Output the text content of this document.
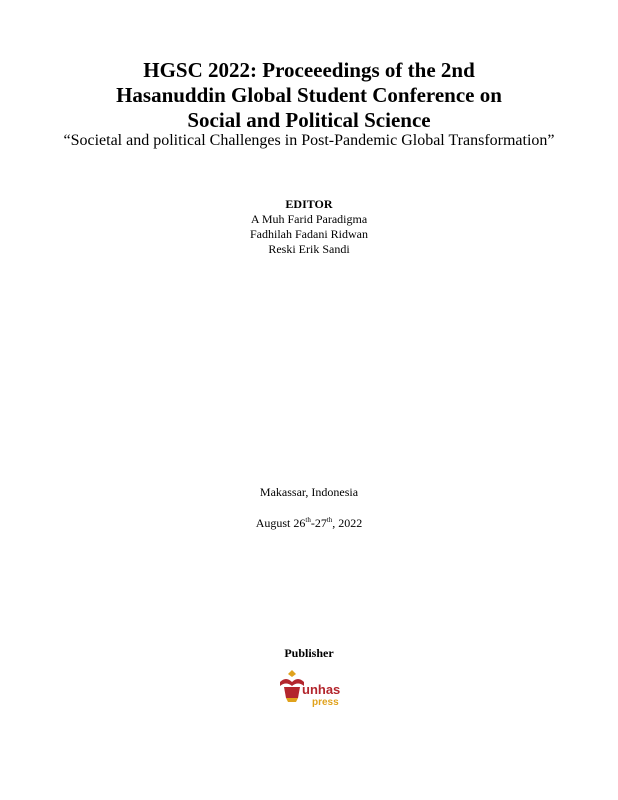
HGSC 2022: Proceeedings of the 2nd
Hasanuddin Global Student Conference on
Social and Political Science
“Societal and political Challenges in Post-Pandemic Global Transformation”
EDITOR
A Muh Farid Paradigma
Fadhilah Fadani Ridwan
Reski Erik Sandi
Makassar, Indonesia
August 26th-27th, 2022
Publisher
unhas
press
